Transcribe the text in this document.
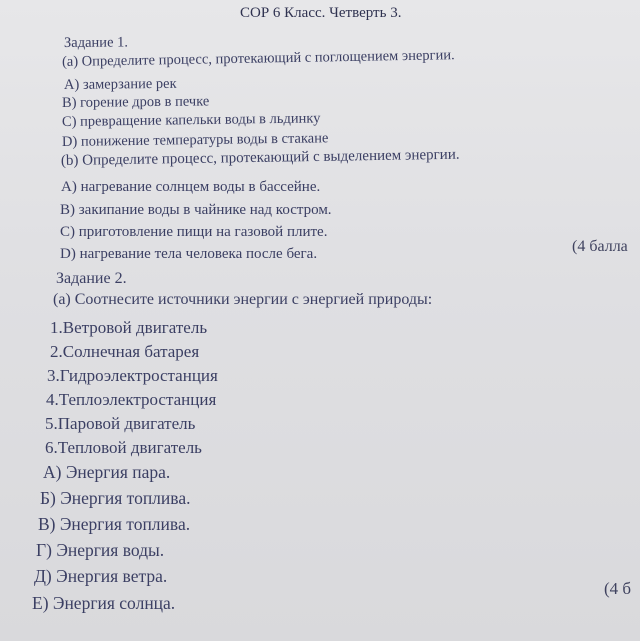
СОР 6 Класс. Четверть 3.
Задание 1.
(а) Определите процесс, протекающий с поглощением энергии.
А) замерзание рек
В) горение дров в печке
С) превращение капельки воды в льдинку
D) понижение температуры воды в стакане
(b) Определите процесс, протекающий с выделением энергии.
А) нагревание солнцем воды в бассейне.
В) закипание воды в чайнике над костром.
С) приготовление пищи на газовой плите.
D) нагревание тела человека после бега.	(4 балла
Задание 2.
(а) Соотнесите источники энергии с энергией природы:
1.Ветровой двигатель
2.Солнечная батарея
3.Гидроэлектростанция
4.Теплоэлектростанция
5.Паровой двигатель
6.Тепловой двигатель
А) Энергия пара.
Б) Энергия топлива.
В) Энергия топлива.
Г) Энергия воды.
Д) Энергия ветра.
Е) Энергия солнца.
(4 б
